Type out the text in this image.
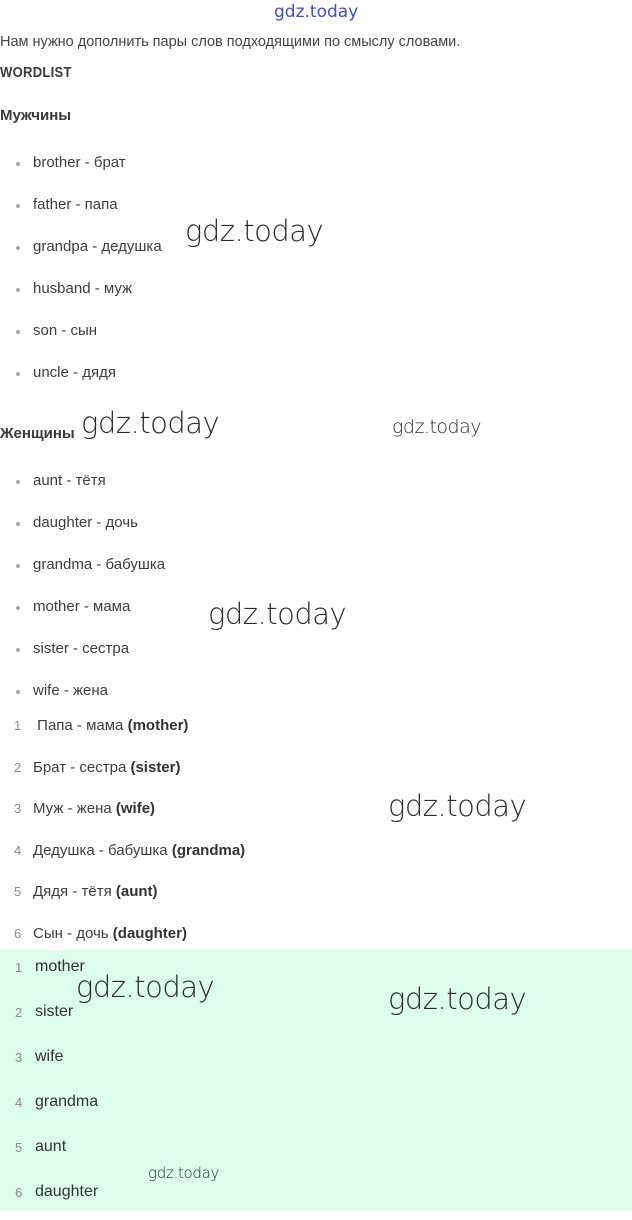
gdz.today
Нам нужно дополнить пары слов подходящими по смыслу словами.
WORDLIST
Мужчины
brother - брат
father - папа
grandpa - дедушка
husband - муж
son - сын
uncle - дядя
Женщины
aunt - тётя
daughter - дочь
grandma - бабушка
mother - мама
sister - сестра
wife - жена
1 Папа - мама (mother)
2 Брат - сестра (sister)
3 Муж - жена (wife)
4 Дедушка - бабушка (grandma)
5 Дядя - тётя (aunt)
6 Сын - дочь (daughter)
1 mother
2 sister
3 wife
4 grandma
5 aunt
6 daughter
gdz.today
gdz.today	gdz.today
gdz.today
gdz.today
gdz.today	gdz.today
gdz.today
